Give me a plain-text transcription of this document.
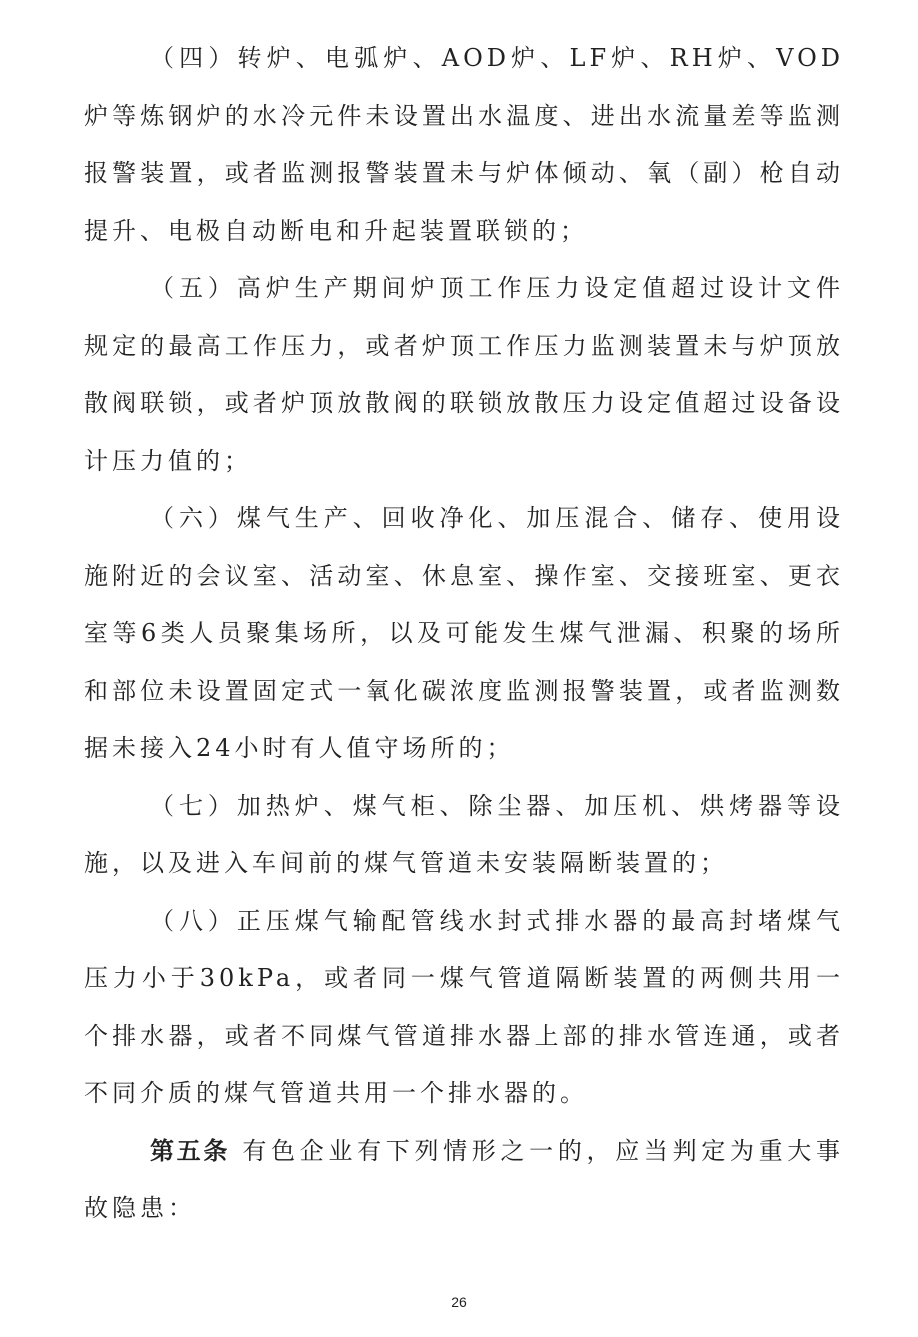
（四）转炉、电弧炉、AOD炉、LF炉、RH炉、VOD炉等炼钢炉的水冷元件未设置出水温度、进出水流量差等监测报警装置，或者监测报警装置未与炉体倾动、氧（副）枪自动提升、电极自动断电和升起装置联锁的；

（五）高炉生产期间炉顶工作压力设定值超过设计文件规定的最高工作压力，或者炉顶工作压力监测装置未与炉顶放散阀联锁，或者炉顶放散阀的联锁放散压力设定值超过设备设计压力值的；

（六）煤气生产、回收净化、加压混合、储存、使用设施附近的会议室、活动室、休息室、操作室、交接班室、更衣室等6类人员聚集场所，以及可能发生煤气泄漏、积聚的场所和部位未设置固定式一氧化碳浓度监测报警装置，或者监测数据未接入24小时有人值守场所的；

（七）加热炉、煤气柜、除尘器、加压机、烘烤器等设施，以及进入车间前的煤气管道未安装隔断装置的；

（八）正压煤气输配管线水封式排水器的最高封堵煤气压力小于30kPa，或者同一煤气管道隔断装置的两侧共用一个排水器，或者不同煤气管道排水器上部的排水管连通，或者不同介质的煤气管道共用一个排水器的。

第五条 有色企业有下列情形之一的，应当判定为重大事故隐患：

26
